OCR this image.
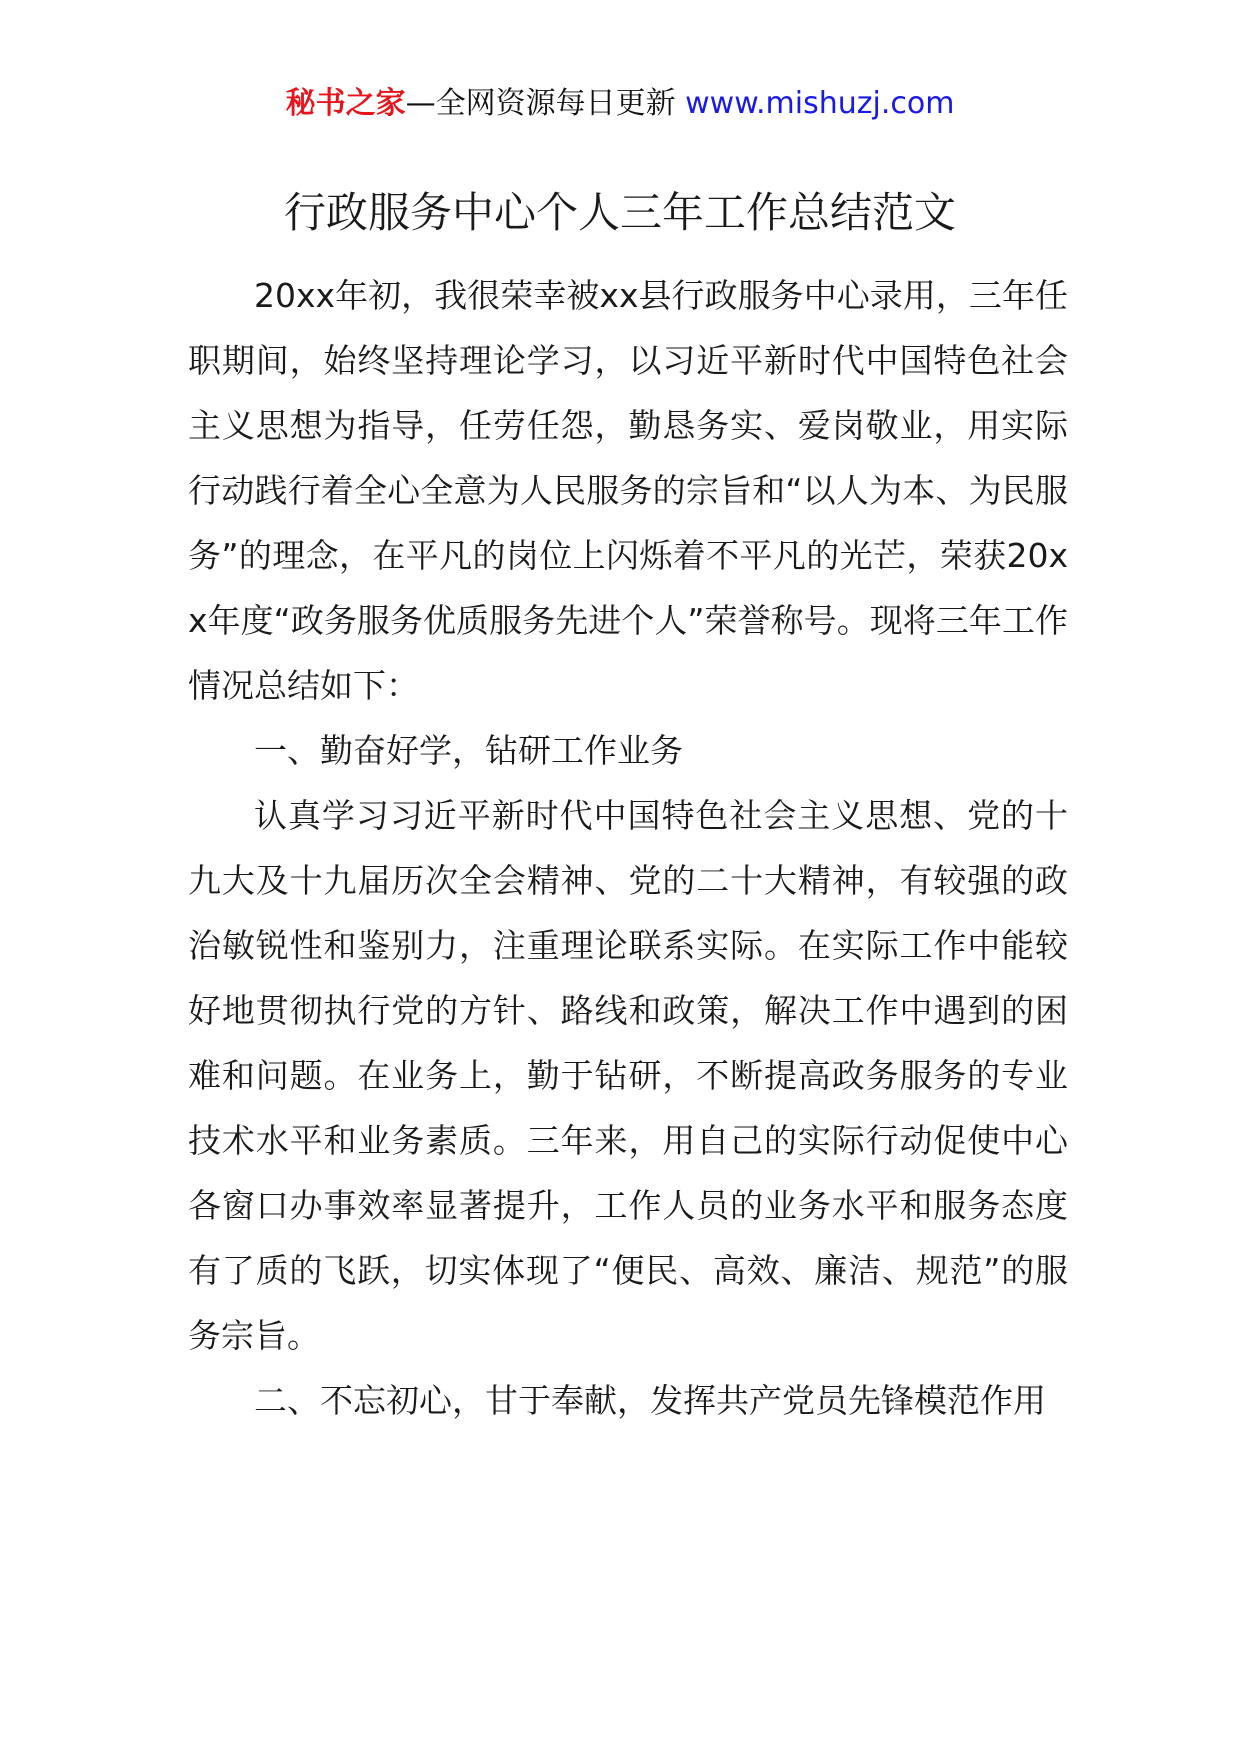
秘书之家—全网资源每日更新 www.mishuzj.com
行政服务中心个人三年工作总结范文

20xx年初，我很荣幸被xx县行政服务中心录用，三年任职期间，始终坚持理论学习，以习近平新时代中国特色社会主义思想为指导，任劳任怨，勤恳务实、爱岗敬业，用实际行动践行着全心全意为人民服务的宗旨和“以人为本、为民服务”的理念，在平凡的岗位上闪烁着不平凡的光芒，荣获20xx年度“政务服务优质服务先进个人”荣誉称号。现将三年工作情况总结如下：

一、勤奋好学，钻研工作业务

认真学习习近平新时代中国特色社会主义思想、党的十九大及十九届历次全会精神、党的二十大精神，有较强的政治敏锐性和鉴别力，注重理论联系实际。在实际工作中能较好地贯彻执行党的方针、路线和政策，解决工作中遇到的困难和问题。在业务上，勤于钻研，不断提高政务服务的专业技术水平和业务素质。三年来，用自己的实际行动促使中心各窗口办事效率显著提升，工作人员的业务水平和服务态度有了质的飞跃，切实体现了“便民、高效、廉洁、规范”的服务宗旨。

二、不忘初心，甘于奉献，发挥共产党员先锋模范作用
